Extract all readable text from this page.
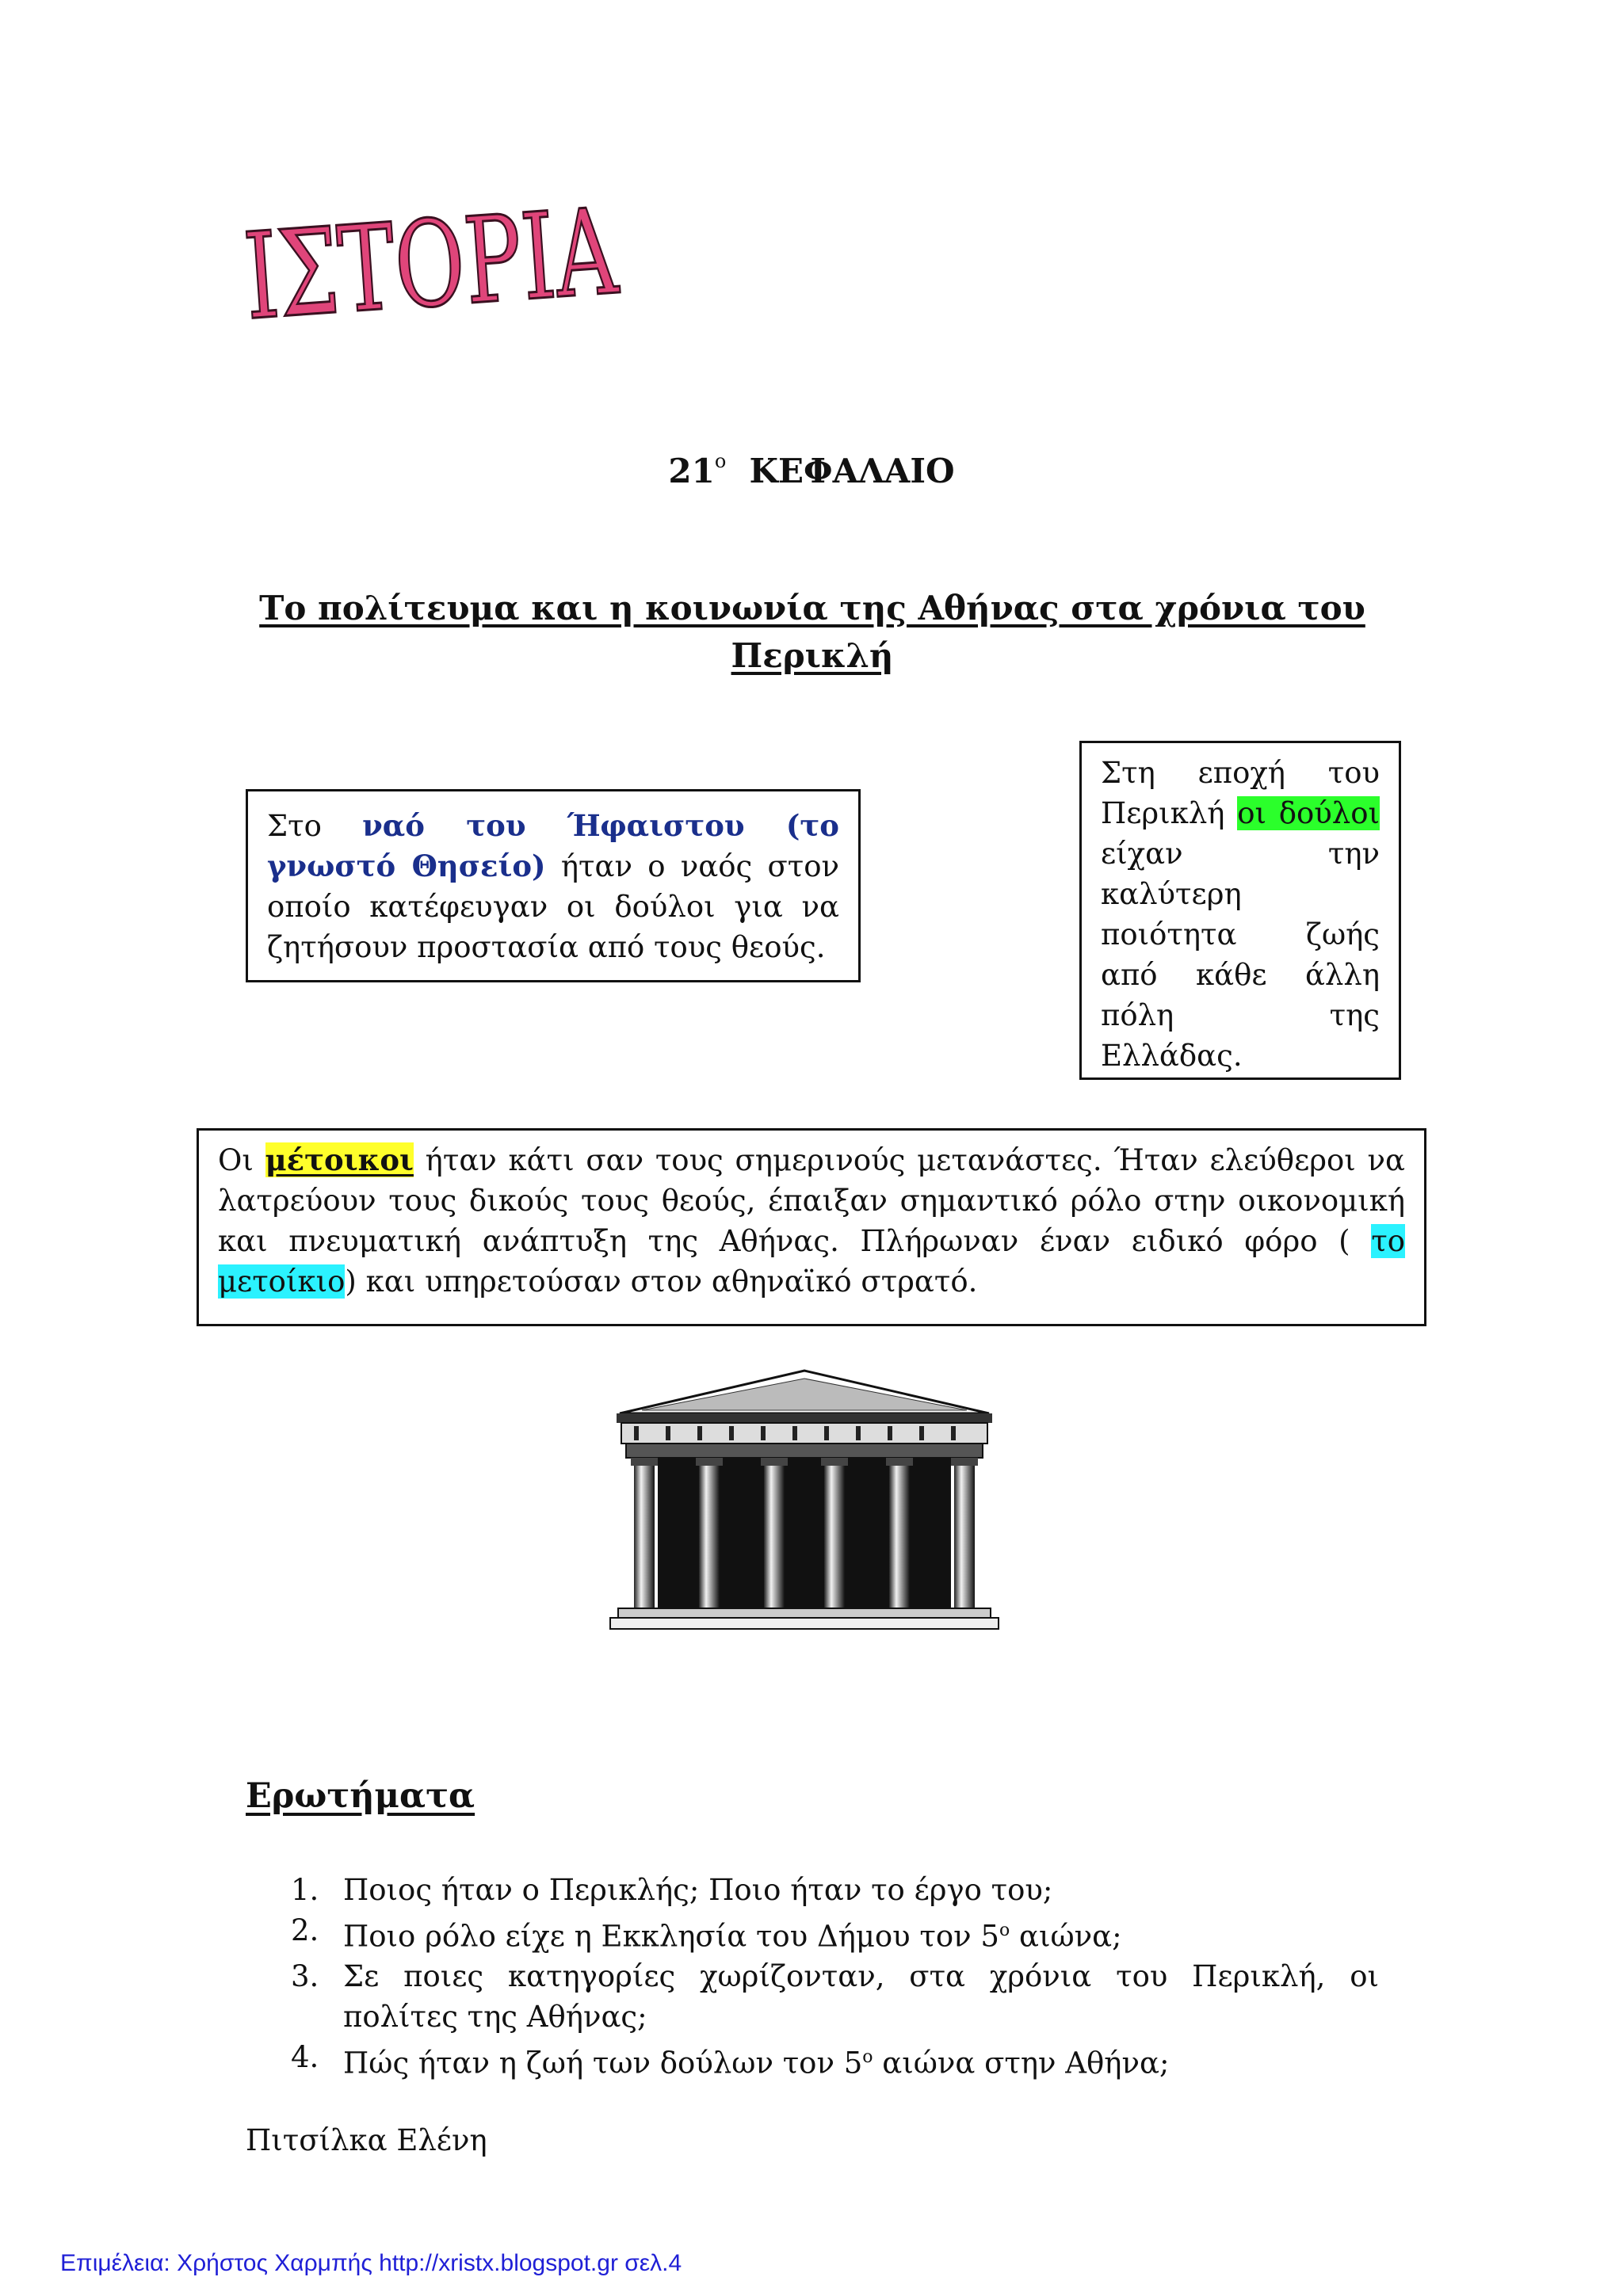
ΙΣΤΟΡΙΑ
$21^o$ ΚΕΦΑΛΑΙΟ
Το πολίτευμα και η κοινωνία της Αθήνας στα χρόνια του
Περικλή
Στο ναό του Ήφαιστου (το γνωστό Θησείο) ήταν ο ναός στον οποίο κατέφευγαν οι δούλοι για να ζητήσουν προστασία από τους θεούς.
Στη εποχή του Περικλή οι δούλοι είχαν την καλύτερη ποιότητα ζωής από κάθε άλλη πόλη της Ελλάδας.
Οι μέτοικοι ήταν κάτι σαν τους σημερινούς μετανάστες. Ήταν ελεύθεροι να λατρεύουν τους δικούς τους θεούς, έπαιξαν σημαντικό ρόλο στην οικονομική και πνευματική ανάπτυξη της Αθήνας. Πλήρωναν έναν ειδικό φόρο ( το μετοίκιο) και υπηρετούσαν στον αθηναϊκό στρατό.
Ερωτήματα
1. Ποιος ήταν ο Περικλής; Ποιο ήταν το έργο του;
2. Ποιο ρόλο είχε η Εκκλησία του Δήμου τον $5^o$ αιώνα;
3. Σε ποιες κατηγορίες χωρίζονταν, στα χρόνια του Περικλή, οι πολίτες της Αθήνας;
4. Πώς ήταν η ζωή των δούλων τον $5^o$ αιώνα στην Αθήνα;
Πιτσίλκα Ελένη
Επιμέλεια: Χρήστος Χαρμπής http://xristx.blogspot.gr σελ.4
